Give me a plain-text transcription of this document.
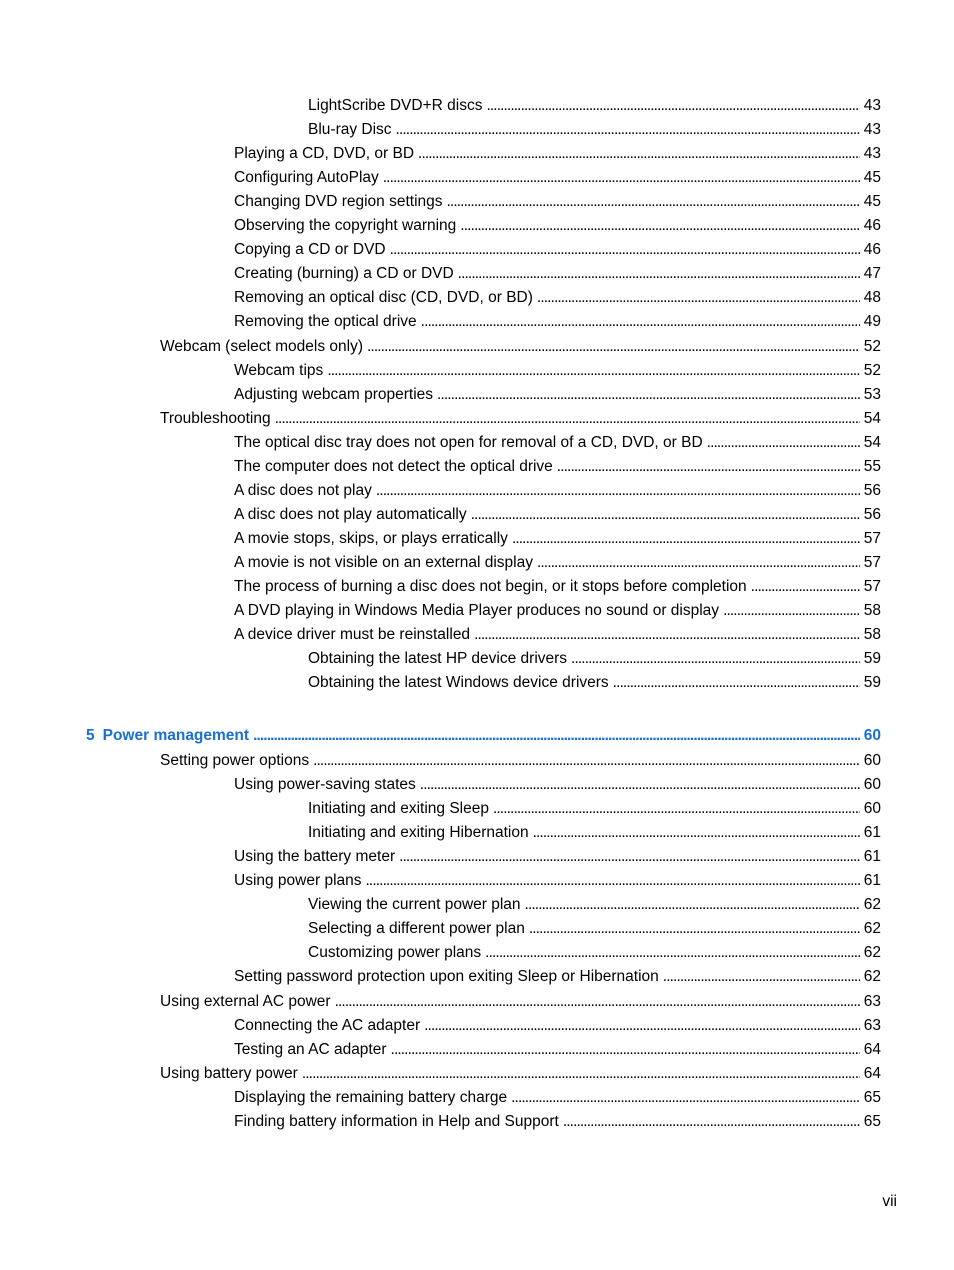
LightScribe DVD+R discs . . .	43
Blu-ray Disc . . .	43
Playing a CD, DVD, or BD . . .	43
Configuring AutoPlay . . .	45
Changing DVD region settings . . .	45
Observing the copyright warning . . .	46
Copying a CD or DVD . . .	46
Creating (burning) a CD or DVD . . .	47
Removing an optical disc (CD, DVD, or BD) . . .	48
Removing the optical drive . . .	49
Webcam (select models only) . . .	52
Webcam tips . . .	52
Adjusting webcam properties . . .	53
Troubleshooting . . .	54
The optical disc tray does not open for removal of a CD, DVD, or BD . . .	54
The computer does not detect the optical drive . . .	55
A disc does not play . . .	56
A disc does not play automatically . . .	56
A movie stops, skips, or plays erratically . . .	57
A movie is not visible on an external display . . .	57
The process of burning a disc does not begin, or it stops before completion . . .	57
A DVD playing in Windows Media Player produces no sound or display . . .	58
A device driver must be reinstalled . . .	58
Obtaining the latest HP device drivers . . .	59
Obtaining the latest Windows device drivers . . .	59
5 Power management . . .	60
Setting power options . . .	60
Using power-saving states . . .	60
Initiating and exiting Sleep . . .	60
Initiating and exiting Hibernation . . .	61
Using the battery meter . . .	61
Using power plans . . .	61
Viewing the current power plan . . .	62
Selecting a different power plan . . .	62
Customizing power plans . . .	62
Setting password protection upon exiting Sleep or Hibernation . . .	62
Using external AC power . . .	63
Connecting the AC adapter . . .	63
Testing an AC adapter . . .	64
Using battery power . . .	64
Displaying the remaining battery charge . . .	65
Finding battery information in Help and Support . . .	65
vii
